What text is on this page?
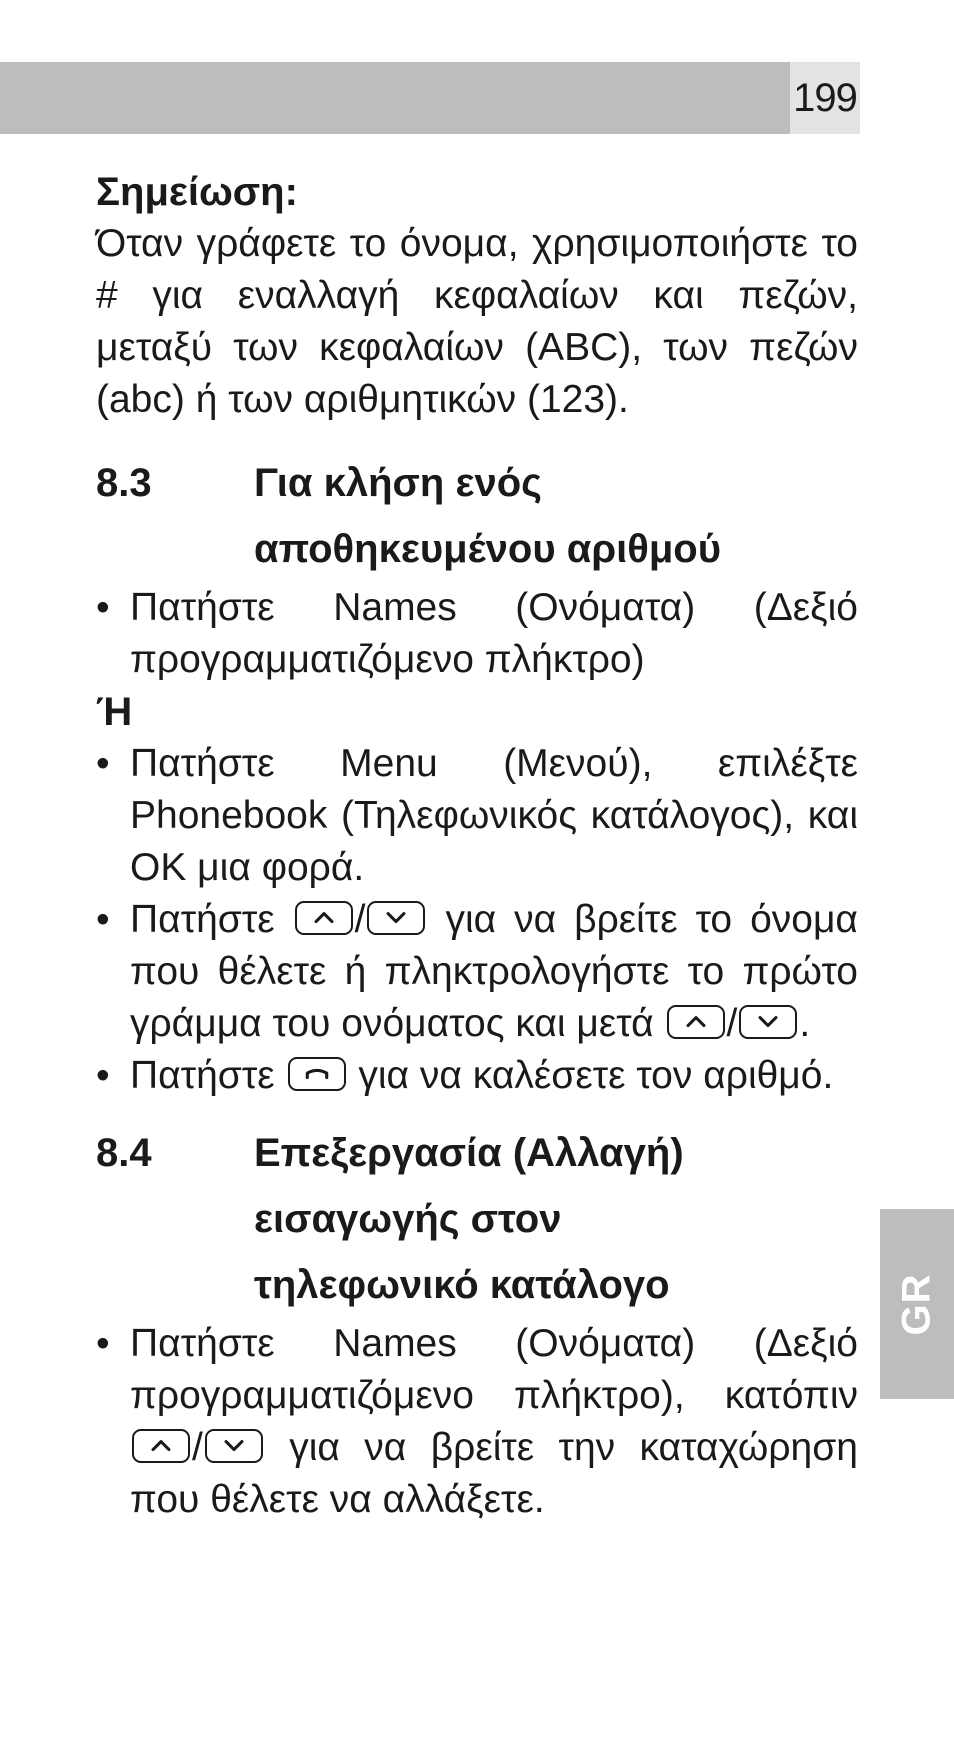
199
GR

Σημείωση:

Όταν γράφετε το όνομα, χρησιμοποιήστε το # για εναλλαγή κεφαλαίων και πεζών, μεταξύ των κεφαλαίων (ABC), των πεζών (abc) ή των αριθμητικών (123).

8.3	Για κλήση ενός
αποθηκευμένου αριθμού
• Πατήστε Names (Ονόματα) (Δεξιό προγραμματιζόμενο πλήκτρο)

Ή

• Πατήστε Menu (Μενού), επιλέξτε Phonebook (Τηλεφωνικός κατάλογος), και OK μια φορά.
• Πατήστε / για να βρείτε το όνομα που θέλετε ή πληκτρολογήστε το πρώτο γράμμα του ονόματος και μετά / .
• Πατήστε για να καλέσετε τον αριθμό.
8.4	Επεξεργασία (Αλλαγή)
εισαγωγής στον
τηλεφωνικό κατάλογο
• Πατήστε Names (Ονόματα) (Δεξιό προγραμματιζόμενο πλήκτρο), κατόπιν
/ για να βρείτε την καταχώρηση που θέλετε να αλλάξετε.
